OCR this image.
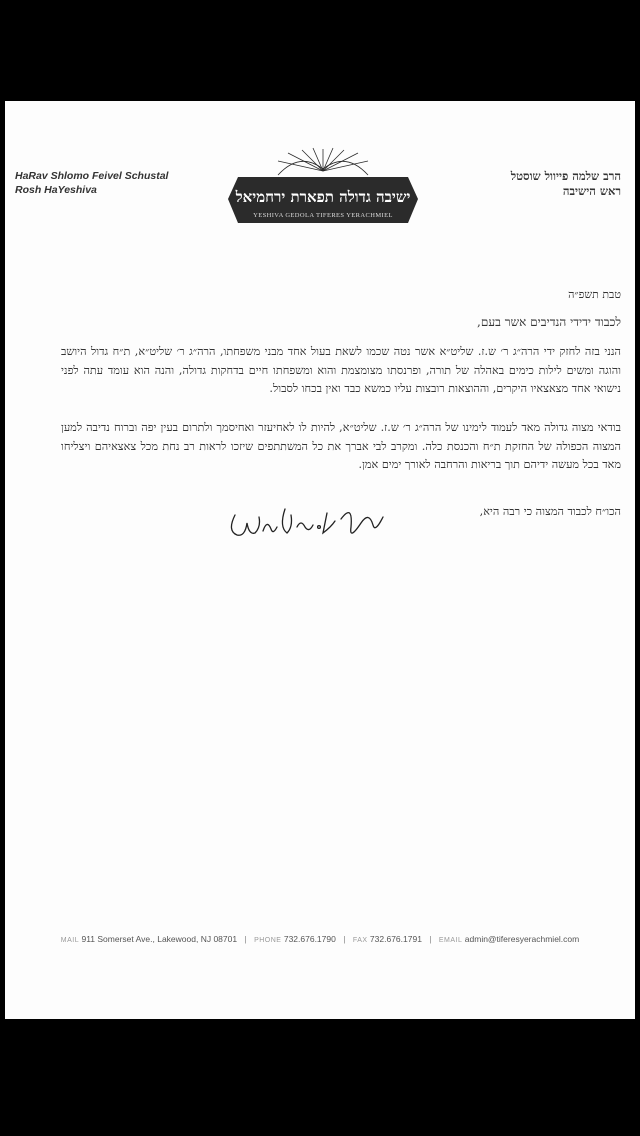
HaRav Shlomo Feivel Schustal
Rosh HaYeshiva	ישיבה גדולה תפארת ירחמיאל
YESHIVA GEDOLA TIFERES YERACHMIEL
הרב שלמה פייוול שוסטל
ראש הישיבה
טבת תשפ״ה
לכבוד ידידי הנדיבים אשר בעם,
הנני בזה לחזק ידי הרה״ג ר׳ ש.ז. שליט״א אשר נטה שכמו לשאת בעול אחד מבני משפחתו, הרה״ג ר׳ שליט״א, ת״ח גדול היושב והוגה ומשים לילות כימים באהלה של תורה, ופרנסתו מצומצמת והוא ומשפחתו חיים בדחקות גדולה, והנה הוא עומד עתה לפני נישואי אחד מצאצאיו היקרים, וההוצאות רובצות עליו כמשא כבד ואין בכחו לסבול.
בודאי מצוה גדולה מאד לעמוד לימינו של הרה״ג ר׳ ש.ז. שליט״א, להיות לו לאחיעזר ואחיסמך ולתרום בעין יפה וברוח נדיבה למען המצוה הכפולה של החזקת ת״ח והכנסת כלה. ומקרב לבי אברך את כל המשתתפים שיזכו לראות רב נחת מכל צאצאיהם ויצליחו מאד בכל מעשה ידיהם תוך בריאות והרחבה לאורך ימים אמן.
הכו״ח לכבוד המצוה כי רבה היא,
MAIL 911 Somerset Ave., Lakewood, NJ 08701 | PHONE 732.676.1790 | FAX 732.676.1791 | EMAIL admin@tiferesyerachmiel.com
